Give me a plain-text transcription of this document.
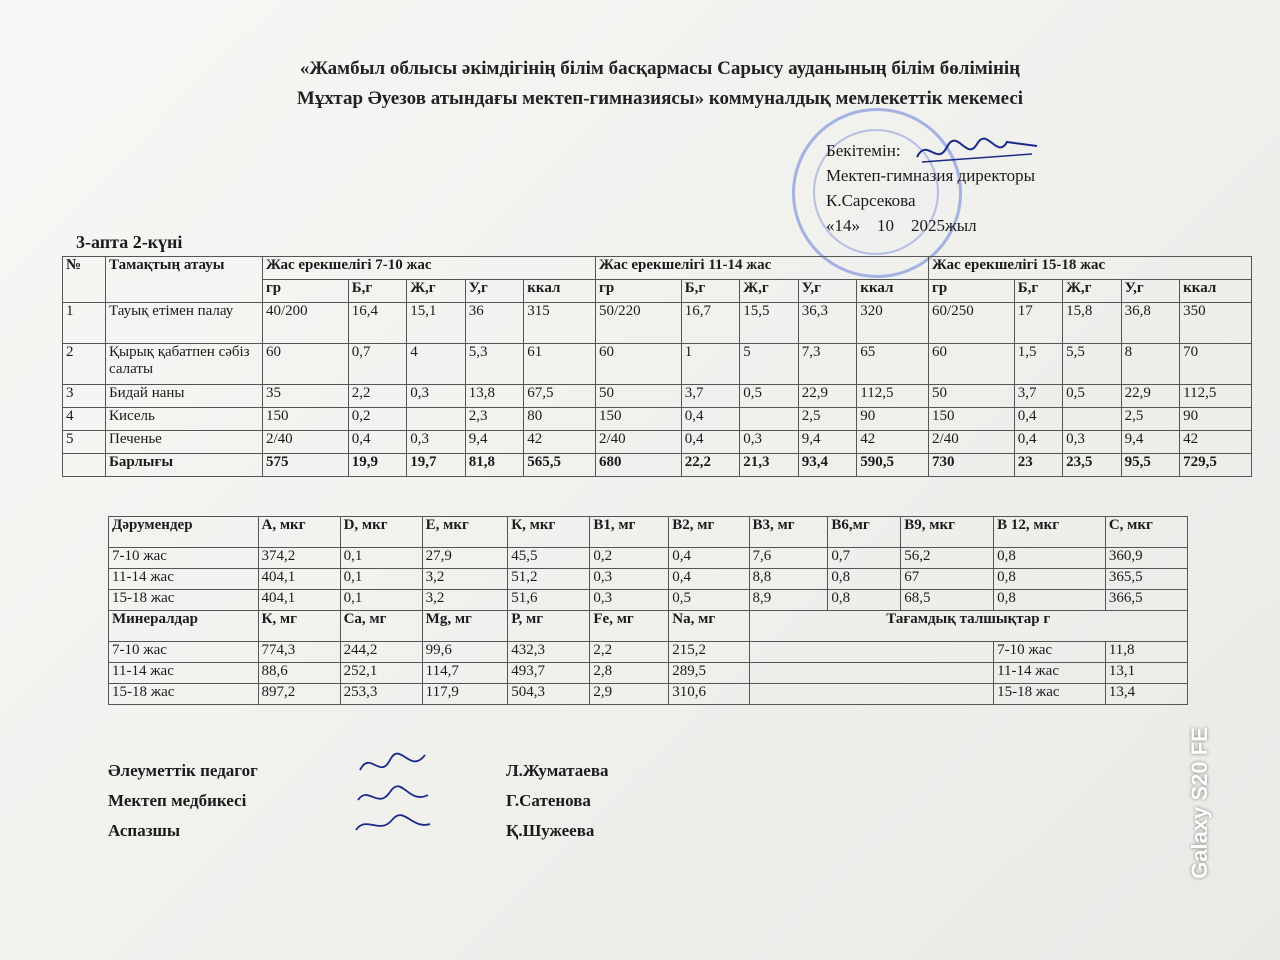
«Жамбыл облысы әкімдігінің білім басқармасы Сарысу ауданының білім бөлімінің
Мұхтар Әуезов атындағы мектеп-гимназиясы» коммуналдық мемлекеттік мекемесі
Бекітемін:
Мектеп-гимназия директоры
К.Сарсекова
«14»    10    2025жыл
3-апта 2-күні
№	Тамақтың атауы	Жас ерекшелігі 7-10 жас					Жас ерекшелігі 11-14 жас					Жас ерекшелігі 15-18 жас				
		гр	Б,г	Ж,г	У,г	ккал	гр	Б,г	Ж,г	У,г	ккал	гр	Б,г	Ж,г	У,г	ккал
1	Тауық етімен палау	40/200	16,4	15,1	36	315	50/220	16,7	15,5	36,3	320	60/250	17	15,8	36,8	350
2	Қырық қабатпен сәбіз салаты	60	0,7	4	5,3	61	60	1	5	7,3	65	60	1,5	5,5	8	70
3	Бидай наны	35	2,2	0,3	13,8	67,5	50	3,7	0,5	22,9	112,5	50	3,7	0,5	22,9	112,5
4	Кисель	150	0,2		2,3	80	150	0,4		2,5	90	150	0,4		2,5	90
5	Печенье	2/40	0,4	0,3	9,4	42	2/40	0,4	0,3	9,4	42	2/40	0,4	0,3	9,4	42
	Барлығы	575	19,9	19,7	81,8	565,5	680	22,2	21,3	93,4	590,5	730	23	23,5	95,5	729,5
Дәрумендер	А, мкг	D, мкг	Е, мкг	К, мкг	В1, мг	В2, мг	В3, мг	В6,мг	В9, мкг	В 12, мкг	С, мкг
7-10 жас	374,2	0,1	27,9	45,5	0,2	0,4	7,6	0,7	56,2	0,8	360,9
11-14 жас	404,1	0,1	3,2	51,2	0,3	0,4	8,8	0,8	67	0,8	365,5
15-18 жас	404,1	0,1	3,2	51,6	0,3	0,5	8,9	0,8	68,5	0,8	366,5
Минералдар	К, мг	Са, мг	Mg, мг	Р, мг	Fe, мг	Na, мг	Тағамдық талшықтар г				
7-10 жас	774,3	244,2	99,6	432,3	2,2	215,2				7-10 жас	11,8
11-14 жас	88,6	252,1	114,7	493,7	2,8	289,5				11-14 жас	13,1
15-18 жас	897,2	253,3	117,9	504,3	2,9	310,6				15-18 жас	13,4
Әлеуметтік педагог
Мектеп медбикесі
Аспазшы
Л.Жуматаева
Г.Сатенова
Қ.Шужеева	Galaxy S20 FE
